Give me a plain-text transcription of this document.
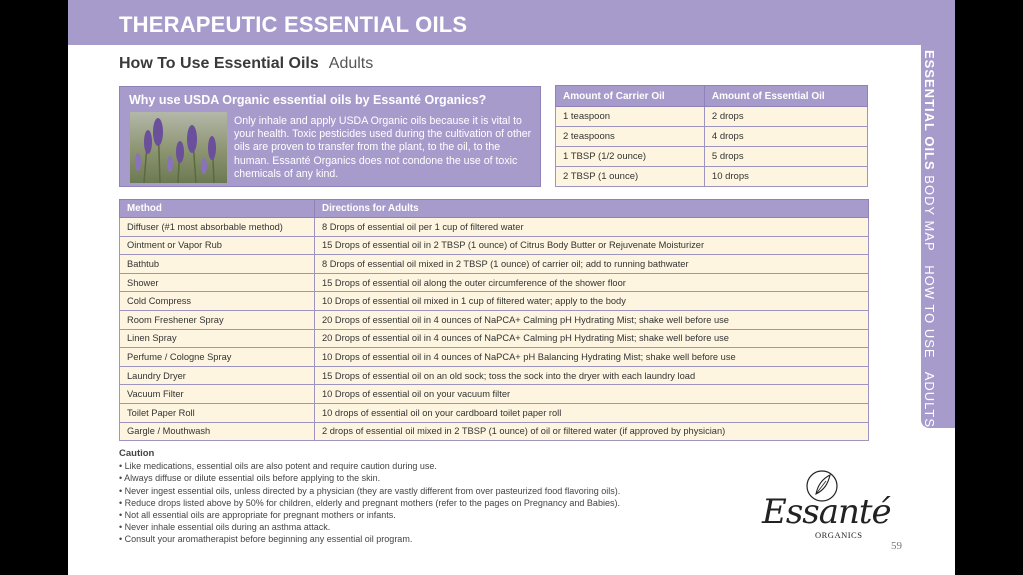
THERAPEUTIC ESSENTIAL OILS
ESSENTIAL OILS BODY MAP   HOW TO USE   ADULTS
How To Use Essential Oils Adults
Why use USDA Organic essential oils by Essanté Organics?
Only inhale and apply USDA Organic oils because it is vital to your health. Toxic pesticides used during the cultivation of other oils are proven to transfer from the plant, to the oil, to the human. Essanté Organics does not condone the use of toxic chemicals of any kind.
Amount of Carrier Oil	Amount of Essential Oil
1 teaspoon	2 drops
2 teaspoons	4 drops
1 TBSP (1/2 ounce)	5 drops
2 TBSP (1 ounce)	10 drops
Method	Directions for Adults
Diffuser (#1 most absorbable method)	8 Drops of essential oil per 1 cup of filtered water
Ointment or Vapor Rub	15 Drops of essential oil in 2 TBSP (1 ounce) of Citrus Body Butter or Rejuvenate Moisturizer
Bathtub	8 Drops of essential oil mixed in 2 TBSP (1 ounce) of carrier oil; add to running bathwater
Shower	15 Drops of essential oil along the outer circumference of the shower floor
Cold Compress	10 Drops of essential oil mixed in 1 cup of filtered water; apply to the body
Room Freshener Spray	20 Drops of essential oil in 4 ounces of NaPCA+ Calming pH Hydrating Mist; shake well before use
Linen Spray	20 Drops of essential oil in 4 ounces of NaPCA+ Calming pH Hydrating Mist; shake well before use
Perfume / Cologne Spray	10 Drops of essential oil in 4 ounces of NaPCA+ pH Balancing Hydrating Mist; shake well before use
Laundry Dryer	15 Drops of essential oil on an old sock; toss the sock into the dryer with each laundry load
Vacuum Filter	10 Drops of essential oil on your vacuum filter
Toilet Paper Roll	10 drops of essential oil on your cardboard toilet paper roll
Gargle / Mouthwash	2 drops of essential oil mixed in 2 TBSP (1 ounce) of oil or filtered water (if approved by physician)
Caution
• Like medications, essential oils are also potent and require caution during use.
• Always diffuse or dilute essential oils before applying to the skin.
• Never ingest essential oils, unless directed by a physician (they are vastly different from over pasteurized food flavoring oils).
• Reduce drops listed above by 50% for children, elderly and pregnant mothers (refer to the pages on Pregnancy and Babies).
• Not all essential oils are appropriate for pregnant mothers or infants.
• Never inhale essential oils during an asthma attack.
• Consult your aromatherapist before beginning any essential oil program.
Essanté
ORGANICS
59
